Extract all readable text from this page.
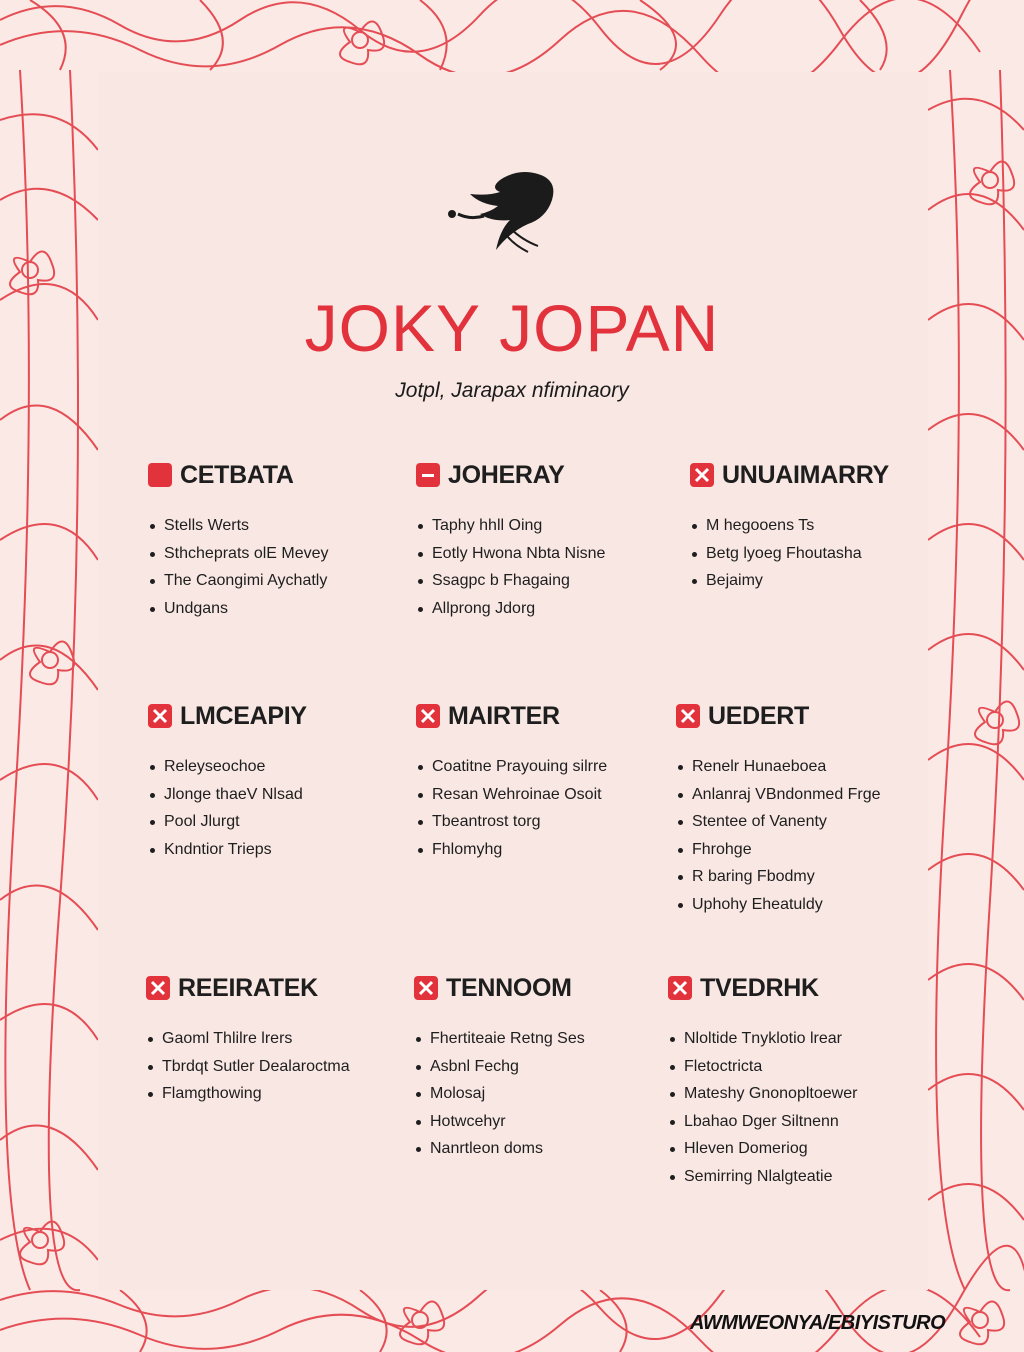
JOKY JOPAN
Jotpl, Jarapax nfiminaory
CETBATA
Stells Werts
Sthcheprats olE Mevey
The Caongimi Aychatly
Undgans
JOHERAY
Taphy hhll Oing
Eotly Hwona Nbta Nisne
Ssagpc b Fhagaing
Allprong Jdorg
UNUAIMARRY
M hegooens Ts
Betg lyoeg Fhoutasha
Bejaimy
LMCEAPIY
Releyseochoe
Jlonge thaeV Nlsad
Pool Jlurgt
Kndntior Trieps
MAIRTER
Coatitne Prayouing silrre
Resan Wehroinae Osoit
Tbeantrost torg
Fhlomyhg
UEDERT
Renelr Hunaeboea
Anlanraj VBndonmed Frge
Stentee of Vanenty
Fhrohge
R baring Fbodmy
Uphohy Eheatuldy
REEIRATEK
Gaoml Thlilre lrers
Tbrdqt Sutler Dealaroctma
Flamgthowing
TENNOOM
Fhertiteaie Retng Ses
Asbnl Fechg
Molosaj
Hotwcehyr
Nanrtleon doms
TVEDRHK
Nloltide Tnyklotio lrear
Fletoctricta
Mateshy Gnonopltoewer
Lbahao Dger Siltnenn
Hleven Domeriog
Semirring Nlalgteatie
AWMWEONYA/EBIYISTURO
